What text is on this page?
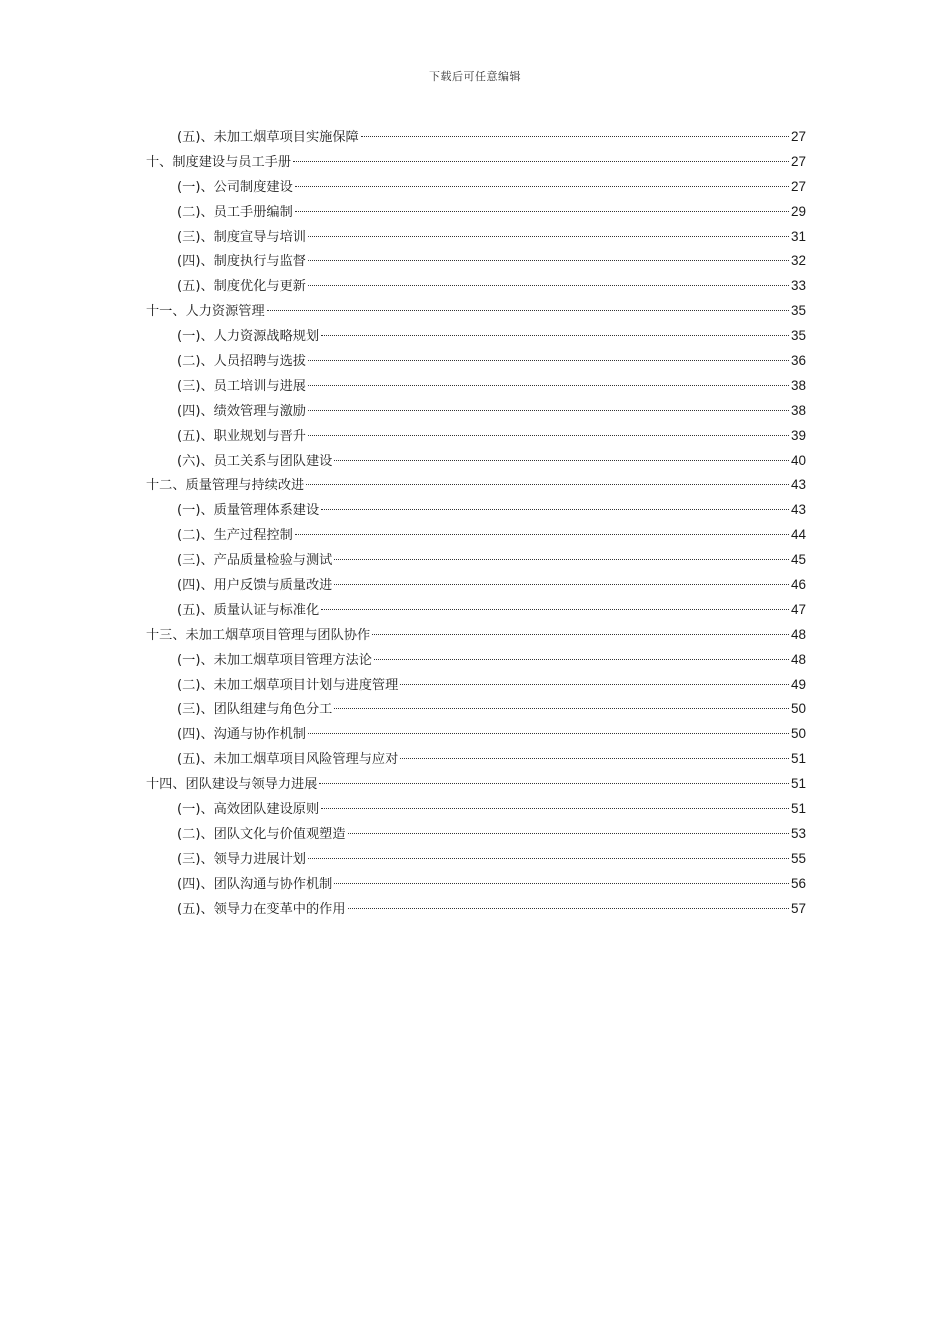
下载后可任意编辑
(五)、未加工烟草项目实施保障	27
十、制度建设与员工手册	27
(一)、公司制度建设	27
(二)、员工手册编制	29
(三)、制度宣导与培训	31
(四)、制度执行与监督	32
(五)、制度优化与更新	33
十一、人力资源管理	35
(一)、人力资源战略规划	35
(二)、人员招聘与选拔	36
(三)、员工培训与进展	38
(四)、绩效管理与激励	38
(五)、职业规划与晋升	39
(六)、员工关系与团队建设	40
十二、质量管理与持续改进	43
(一)、质量管理体系建设	43
(二)、生产过程控制	44
(三)、产品质量检验与测试	45
(四)、用户反馈与质量改进	46
(五)、质量认证与标准化	47
十三、未加工烟草项目管理与团队协作	48
(一)、未加工烟草项目管理方法论	48
(二)、未加工烟草项目计划与进度管理	49
(三)、团队组建与角色分工	50
(四)、沟通与协作机制	50
(五)、未加工烟草项目风险管理与应对	51
十四、团队建设与领导力进展	51
(一)、高效团队建设原则	51
(二)、团队文化与价值观塑造	53
(三)、领导力进展计划	55
(四)、团队沟通与协作机制	56
(五)、领导力在变革中的作用	57
